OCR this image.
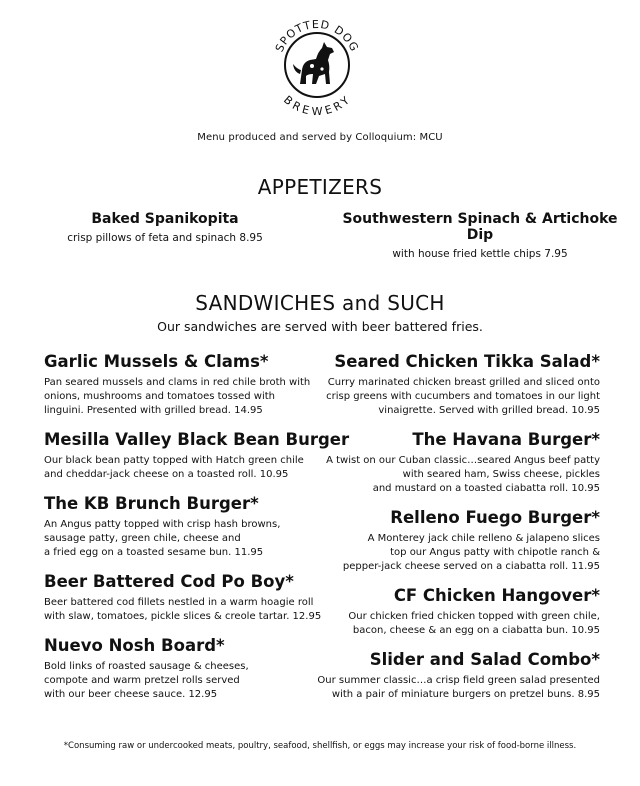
SPOTTED DOG
BREWERY
Menu produced and served by Colloquium: MCU
APPETIZERS
Baked Spanikopita
crisp pillows of feta and spinach 8.95
Southwestern Spinach & Artichoke Dip
with house fried kettle chips 7.95
SANDWICHES and SUCH
Our sandwiches are served with beer battered fries.
Garlic Mussels & Clams*
Pan seared mussels and clams in red chile broth with
onions, mushrooms and tomatoes tossed with
linguini. Presented with grilled bread. 14.95
Mesilla Valley Black Bean Burger
Our black bean patty topped with Hatch green chile
and cheddar-jack cheese on a toasted roll. 10.95
The KB Brunch Burger*
An Angus patty topped with crisp hash browns,
sausage patty, green chile, cheese and
a fried egg on a toasted sesame bun. 11.95
Beer Battered Cod Po Boy*
Beer battered cod fillets nestled in a warm hoagie roll
with slaw, tomatoes, pickle slices & creole tartar. 12.95
Nuevo Nosh Board*
Bold links of roasted sausage & cheeses,
compote and warm pretzel rolls served
with our beer cheese sauce. 12.95
Seared Chicken Tikka Salad*
Curry marinated chicken breast grilled and sliced onto
crisp greens with cucumbers and tomatoes in our light
vinaigrette. Served with grilled bread. 10.95
The Havana Burger*
A twist on our Cuban classic…seared Angus beef patty
with seared ham, Swiss cheese, pickles
and mustard on a toasted ciabatta roll. 10.95
Relleno Fuego Burger*
A Monterey jack chile relleno & jalapeno slices
top our Angus patty with chipotle ranch &
pepper-jack cheese served on a ciabatta roll. 11.95
CF Chicken Hangover*
Our chicken fried chicken topped with green chile,
bacon, cheese & an egg on a ciabatta bun. 10.95
Slider and Salad Combo*
Our summer classic…a crisp field green salad presented
with a pair of miniature burgers on pretzel buns. 8.95
*Consuming raw or undercooked meats, poultry, seafood, shellfish, or eggs may increase your risk of food-borne illness.
